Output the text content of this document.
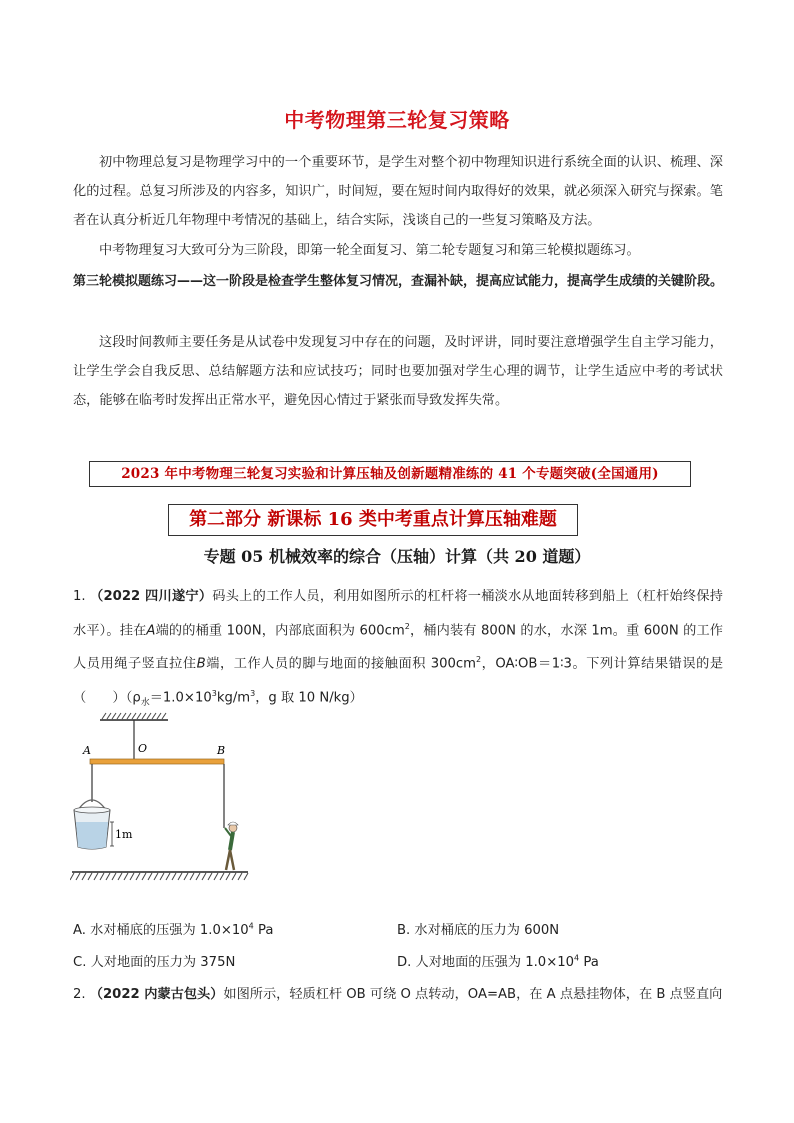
中考物理第三轮复习策略
初中物理总复习是物理学习中的一个重要环节，是学生对整个初中物理知识进行系统全面的认识、梳理、深化的过程。总复习所涉及的内容多，知识广，时间短，要在短时间内取得好的效果，就必须深入研究与探索。笔者在认真分析近几年物理中考情况的基础上，结合实际，浅谈自己的一些复习策略及方法。
中考物理复习大致可分为三阶段，即第一轮全面复习、第二轮专题复习和第三轮模拟题练习。
第三轮模拟题练习——这一阶段是检查学生整体复习情况，查漏补缺，提高应试能力，提高学生成绩的关键阶段。
这段时间教师主要任务是从试卷中发现复习中存在的问题，及时评讲，同时要注意增强学生自主学习能力，让学生学会自我反思、总结解题方法和应试技巧；同时也要加强对学生心理的调节，让学生适应中考的考试状态，能够在临考时发挥出正常水平，避免因心情过于紧张而导致发挥失常。
2023 年中考物理三轮复习实验和计算压轴及创新题精准练的 41 个专题突破(全国通用)
第二部分 新课标 16 类中考重点计算压轴难题
专题 05 机械效率的综合（压轴）计算（共 20 道题）
1. （2022 四川遂宁）码头上的工作人员，利用如图所示的杠杆将一桶淡水从地面转移到船上（杠杆始终保持水平）。挂在A端的的桶重 100N，内部底面积为 $600cm^2$，桶内装有 800N 的水，水深 1m。重 600N 的工作人员用绳子竖直拉住B端，工作人员的脚与地面的接触面积 $300cm^2$，OA∶OB＝1∶3。下列计算结果错误的是（　　）（$\rho_水=1.0\times 10^3kg/m^3$，g 取 10 N/kg）
A	O	B
1m
A. 水对桶底的压强为 $1.0\times 10^4$ Pa	B. 水对桶底的压力为 600N
C. 人对地面的压力为 375N	D. 人对地面的压强为 $1.0\times 10^4$ Pa
2. （2022 内蒙古包头）如图所示，轻质杠杆 OB 可绕 O 点转动，OA=AB，在 A 点悬挂物体，在 B 点竖直向
